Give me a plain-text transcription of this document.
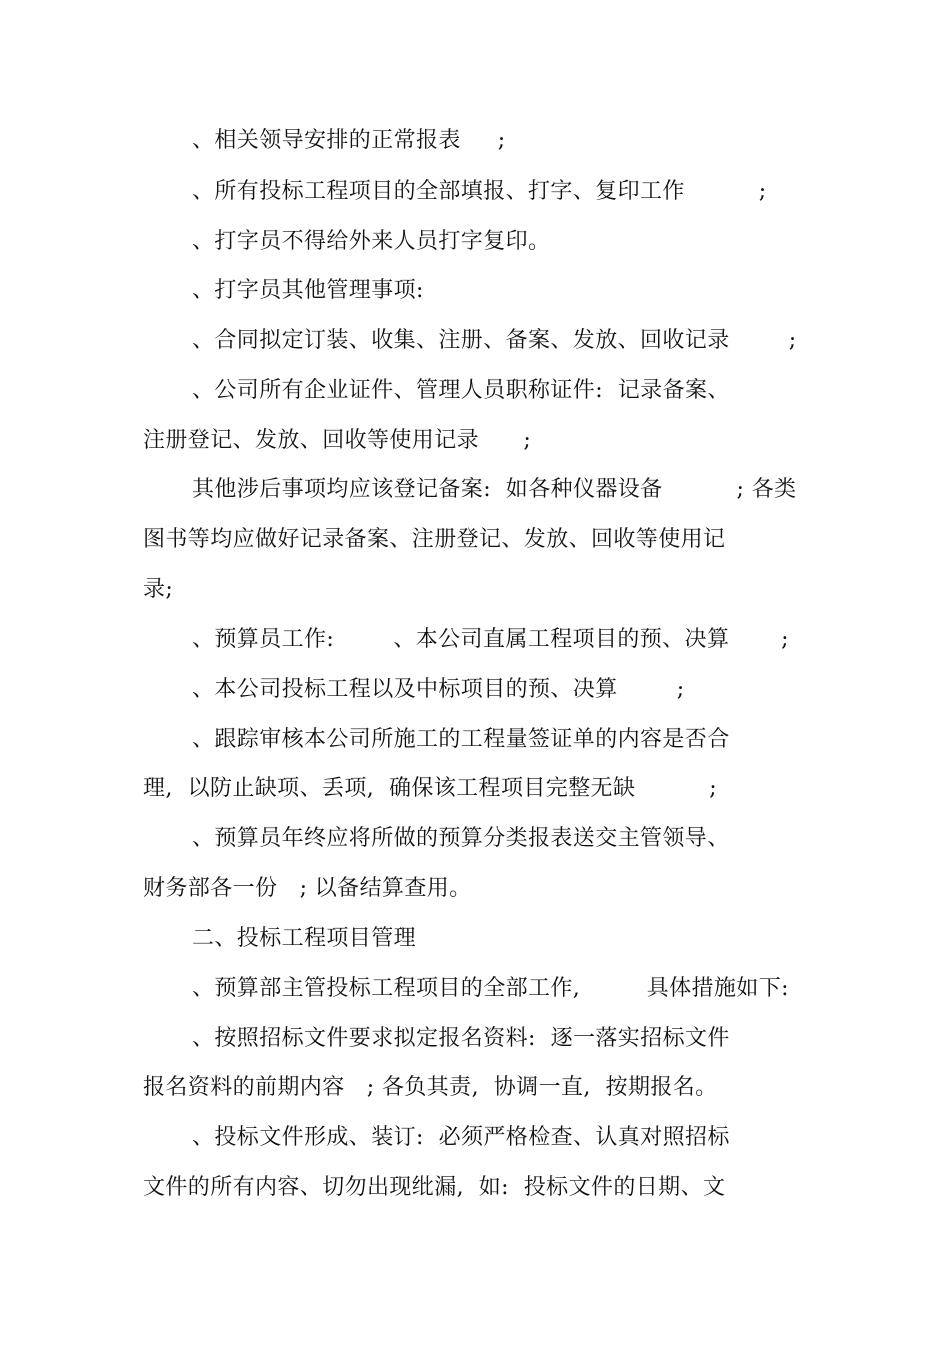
、相关领导安排的正常报表     ;
、所有投标工程项目的全部填报、打字、复印工作          ;
、打字员不得给外来人员打字复印。
、打字员其他管理事项:
、合同拟定订装、收集、注册、备案、发放、回收记录        ;
、公司所有企业证件、管理人员职称证件:  记录备案、
注册登记、发放、回收等使用记录      ;
其他涉后事项均应该登记备案:  如各种仪器设备          ; 各类
图书等均应做好记录备案、注册登记、发放、回收等使用记
录;
、预算员工作:        、本公司直属工程项目的预、决算       ;
、本公司投标工程以及中标项目的预、决算        ;
、跟踪审核本公司所施工的工程量签证单的内容是否合
理,  以防止缺项、丢项,  确保该工程项目完整无缺          ;
、预算员年终应将所做的预算分类报表送交主管领导、
财务部各一份   ; 以备结算查用。
二、投标工程项目管理
、预算部主管投标工程项目的全部工作,         具体措施如下:
、按照招标文件要求拟定报名资料:  逐一落实招标文件
报名资料的前期内容   ; 各负其责,  协调一直,  按期报名。
、投标文件形成、装订:  必须严格检查、认真对照招标
文件的所有内容、切勿出现纰漏,  如:  投标文件的日期、文
